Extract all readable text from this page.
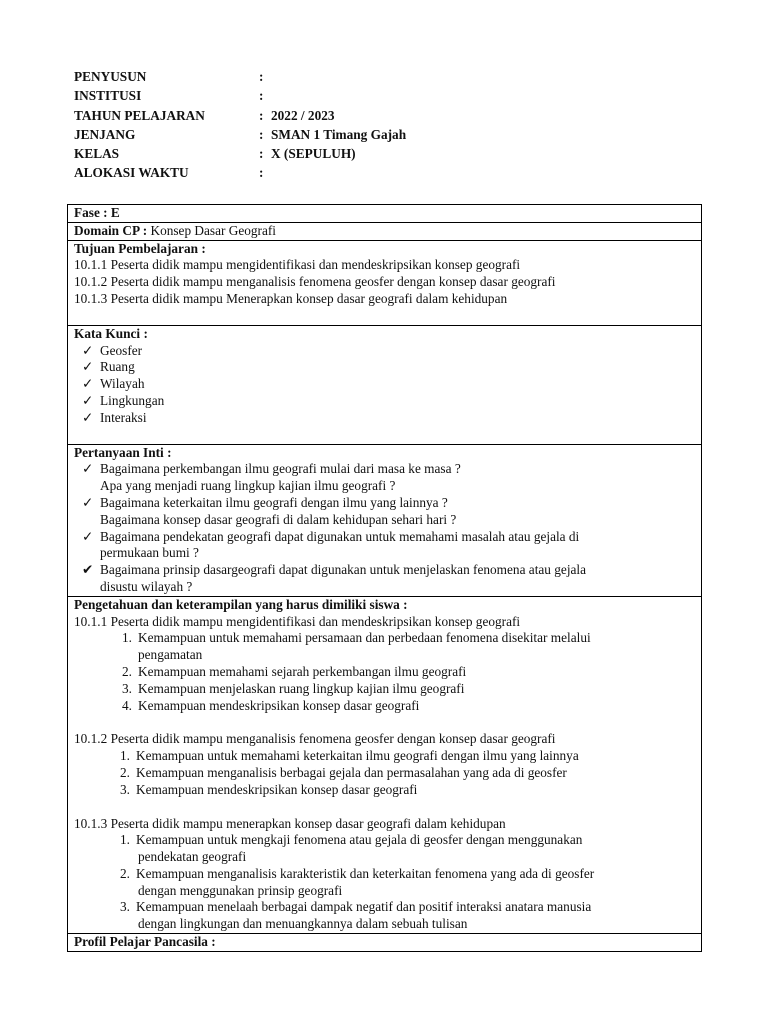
PENYUSUN	:
INSTITUSI	:
TAHUN PELAJARAN	: 2022 / 2023
JENJANG	: SMAN 1 Timang Gajah
KELAS	: X (SEPULUH)
ALOKASI WAKTU	:
Fase : E
Domain CP : Konsep Dasar Geografi

Tujuan Pembelajaran :
10.1.1 Peserta didik mampu mengidentifikasi dan mendeskripsikan konsep geografi
10.1.2 Peserta didik mampu menganalisis fenomena geosfer dengan konsep dasar geografi
10.1.3 Peserta didik mampu Menerapkan konsep dasar geografi dalam kehidupan

Kata Kunci :
✓ Geosfer
✓ Ruang
✓ Wilayah
✓ Lingkungan
✓ Interaksi

Pertanyaan Inti :
✓ Bagaimana perkembangan ilmu geografi mulai dari masa ke masa ?
Apa yang menjadi ruang lingkup kajian ilmu geografi ?
✓ Bagaimana keterkaitan ilmu geografi dengan ilmu yang lainnya ?
Bagaimana konsep dasar geografi di dalam kehidupan sehari hari ?
✓ Bagaimana pendekatan geografi dapat digunakan untuk memahami masalah atau gejala di
permukaan bumi ?
✔ Bagaimana prinsip dasargeografi dapat digunakan untuk menjelaskan fenomena atau gejala
disustu wilayah ?

Pengetahuan dan keterampilan yang harus dimiliki siswa :
10.1.1 Peserta didik mampu mengidentifikasi dan mendeskripsikan konsep geografi
1. Kemampuan untuk memahami persamaan dan perbedaan fenomena disekitar melalui
pengamatan
2. Kemampuan memahami sejarah perkembangan ilmu geografi
3. Kemampuan menjelaskan ruang lingkup kajian ilmu geografi
4. Kemampuan mendeskripsikan konsep dasar geografi
10.1.2 Peserta didik mampu menganalisis fenomena geosfer dengan konsep dasar geografi
1. Kemampuan untuk memahami keterkaitan ilmu geografi dengan ilmu yang lainnya
2. Kemampuan menganalisis berbagai gejala dan permasalahan yang ada di geosfer
3. Kemampuan mendeskripsikan konsep dasar geografi
10.1.3 Peserta didik mampu menerapkan konsep dasar geografi dalam kehidupan
1. Kemampuan untuk mengkaji fenomena atau gejala di geosfer dengan menggunakan
pendekatan geografi
2. Kemampuan menganalisis karakteristik dan keterkaitan fenomena yang ada di geosfer
dengan menggunakan prinsip geografi
3. Kemampuan menelaah berbagai dampak negatif dan positif interaksi anatara manusia
dengan lingkungan dan menuangkannya dalam sebuah tulisan

Profil Pelajar Pancasila :
